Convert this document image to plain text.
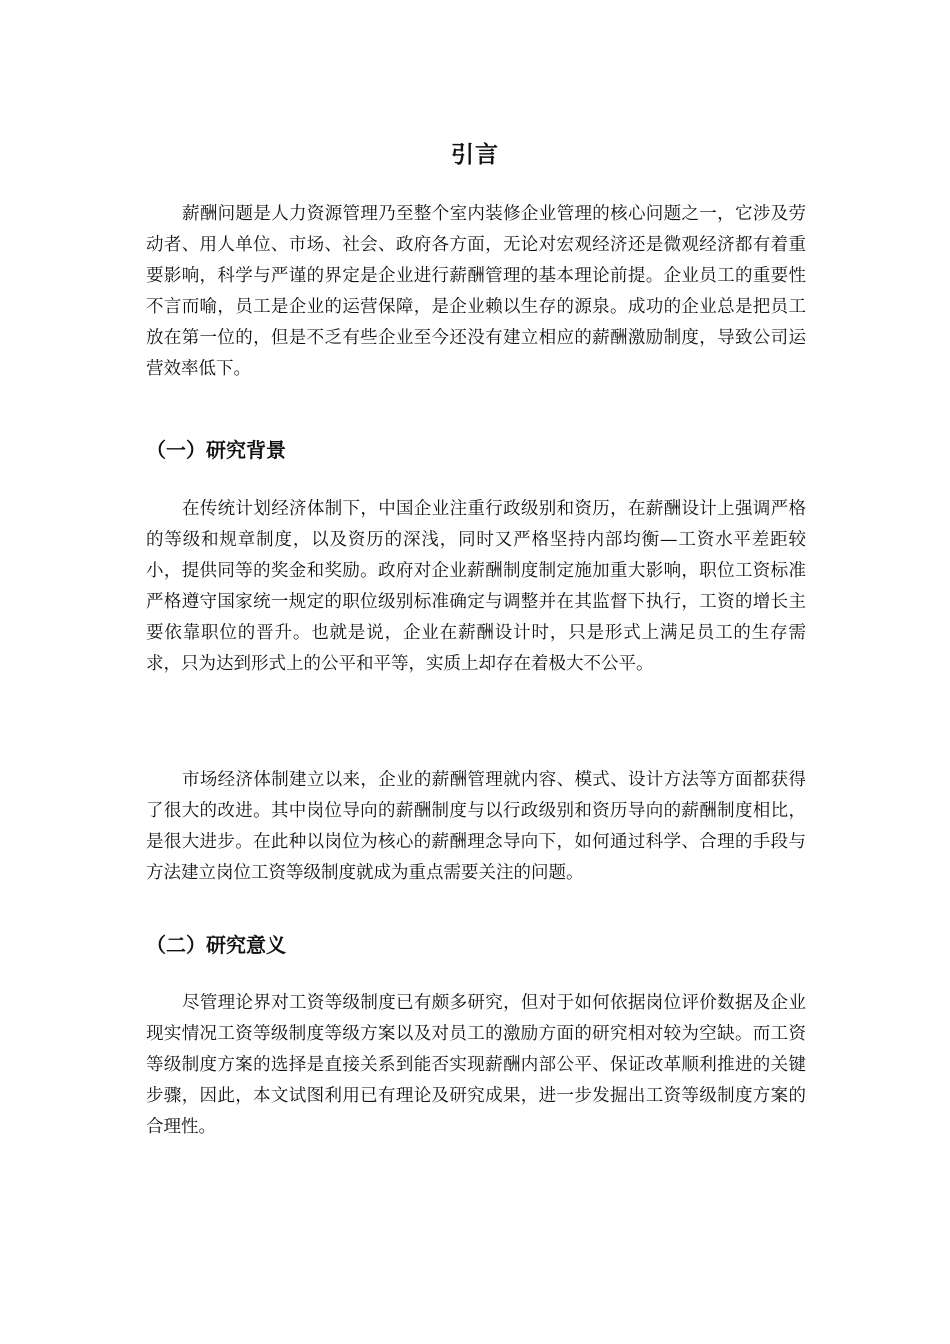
引言

薪酬问题是人力资源管理乃至整个室内装修企业管理的核心问题之一，它涉及劳动者、用人单位、市场、社会、政府各方面，无论对宏观经济还是微观经济都有着重要影响，科学与严谨的界定是企业进行薪酬管理的基本理论前提。企业员工的重要性不言而喻，员工是企业的运营保障，是企业赖以生存的源泉。成功的企业总是把员工放在第一位的，但是不乏有些企业至今还没有建立相应的薪酬激励制度，导致公司运营效率低下。

（一）研究背景

在传统计划经济体制下，中国企业注重行政级别和资历，在薪酬设计上强调严格的等级和规章制度，以及资历的深浅，同时又严格坚持内部均衡—工资水平差距较小，提供同等的奖金和奖励。政府对企业薪酬制度制定施加重大影响，职位工资标准严格遵守国家统一规定的职位级别标准确定与调整并在其监督下执行，工资的增长主要依靠职位的晋升。也就是说，企业在薪酬设计时，只是形式上满足员工的生存需求，只为达到形式上的公平和平等，实质上却存在着极大不公平。

市场经济体制建立以来，企业的薪酬管理就内容、模式、设计方法等方面都获得了很大的改进。其中岗位导向的薪酬制度与以行政级别和资历导向的薪酬制度相比，是很大进步。在此种以岗位为核心的薪酬理念导向下，如何通过科学、合理的手段与方法建立岗位工资等级制度就成为重点需要关注的问题。

（二）研究意义

尽管理论界对工资等级制度已有颇多研究，但对于如何依据岗位评价数据及企业现实情况工资等级制度等级方案以及对员工的激励方面的研究相对较为空缺。而工资等级制度方案的选择是直接关系到能否实现薪酬内部公平、保证改革顺利推进的关键步骤，因此，本文试图利用已有理论及研究成果，进一步发掘出工资等级制度方案的合理性。
